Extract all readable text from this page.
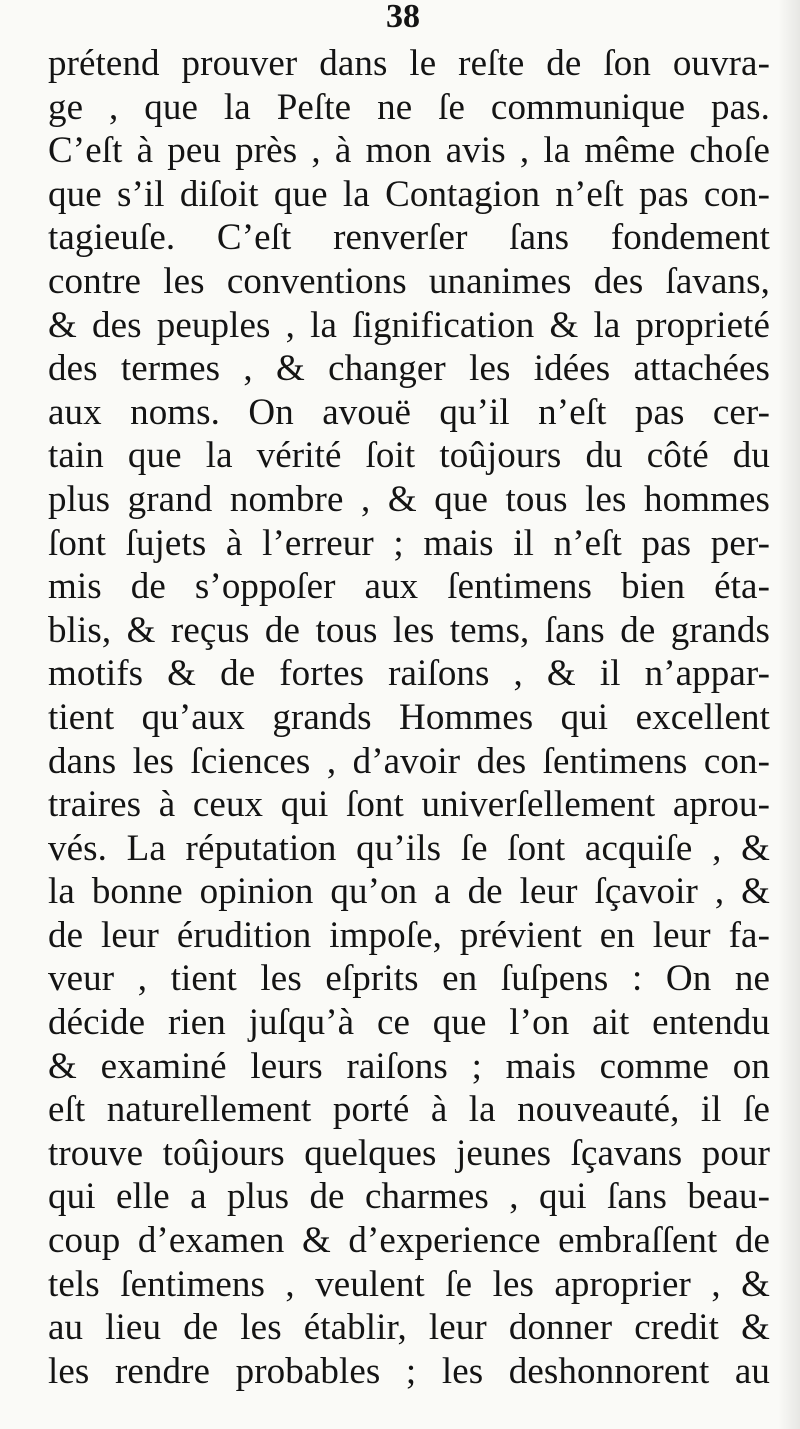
38
prétend prouver dans le reſte de ſon ouvra-
ge , que la Peſte ne ſe communique pas.
C’eſt à peu près , à mon avis , la même choſe
que s’il diſoit que la Contagion n’eſt pas con-
tagieuſe. C’eſt renverſer ſans fondement
contre les conventions unanimes des ſavans,
& des peuples , la ſignification & la proprieté
des termes , & changer les idées attachées
aux noms. On avouë qu’il n’eſt pas cer-
tain que la vérité ſoit toûjours du côté du
plus grand nombre , & que tous les hommes
ſont ſujets à l’erreur ; mais il n’eſt pas per-
mis de s’oppoſer aux ſentimens bien éta-
blis, & reçus de tous les tems, ſans de grands
motifs & de fortes raiſons , & il n’appar-
tient qu’aux grands Hommes qui excellent
dans les ſciences , d’avoir des ſentimens con-
traires à ceux qui ſont univerſellement aprou-
vés. La réputation qu’ils ſe ſont acquiſe , &
la bonne opinion qu’on a de leur ſçavoir , &
de leur érudition impoſe, prévient en leur fa-
veur , tient les eſprits en ſuſpens : On ne
décide rien juſqu’à ce que l’on ait entendu
& examiné leurs raiſons ; mais comme on
eſt naturellement porté à la nouveauté, il ſe
trouve toûjours quelques jeunes ſçavans pour
qui elle a plus de charmes , qui ſans beau-
coup d’examen & d’experience embraſſent de
tels ſentimens , veulent ſe les aproprier , &
au lieu de les établir, leur donner credit &
les rendre probables ; les deshonnorent au
